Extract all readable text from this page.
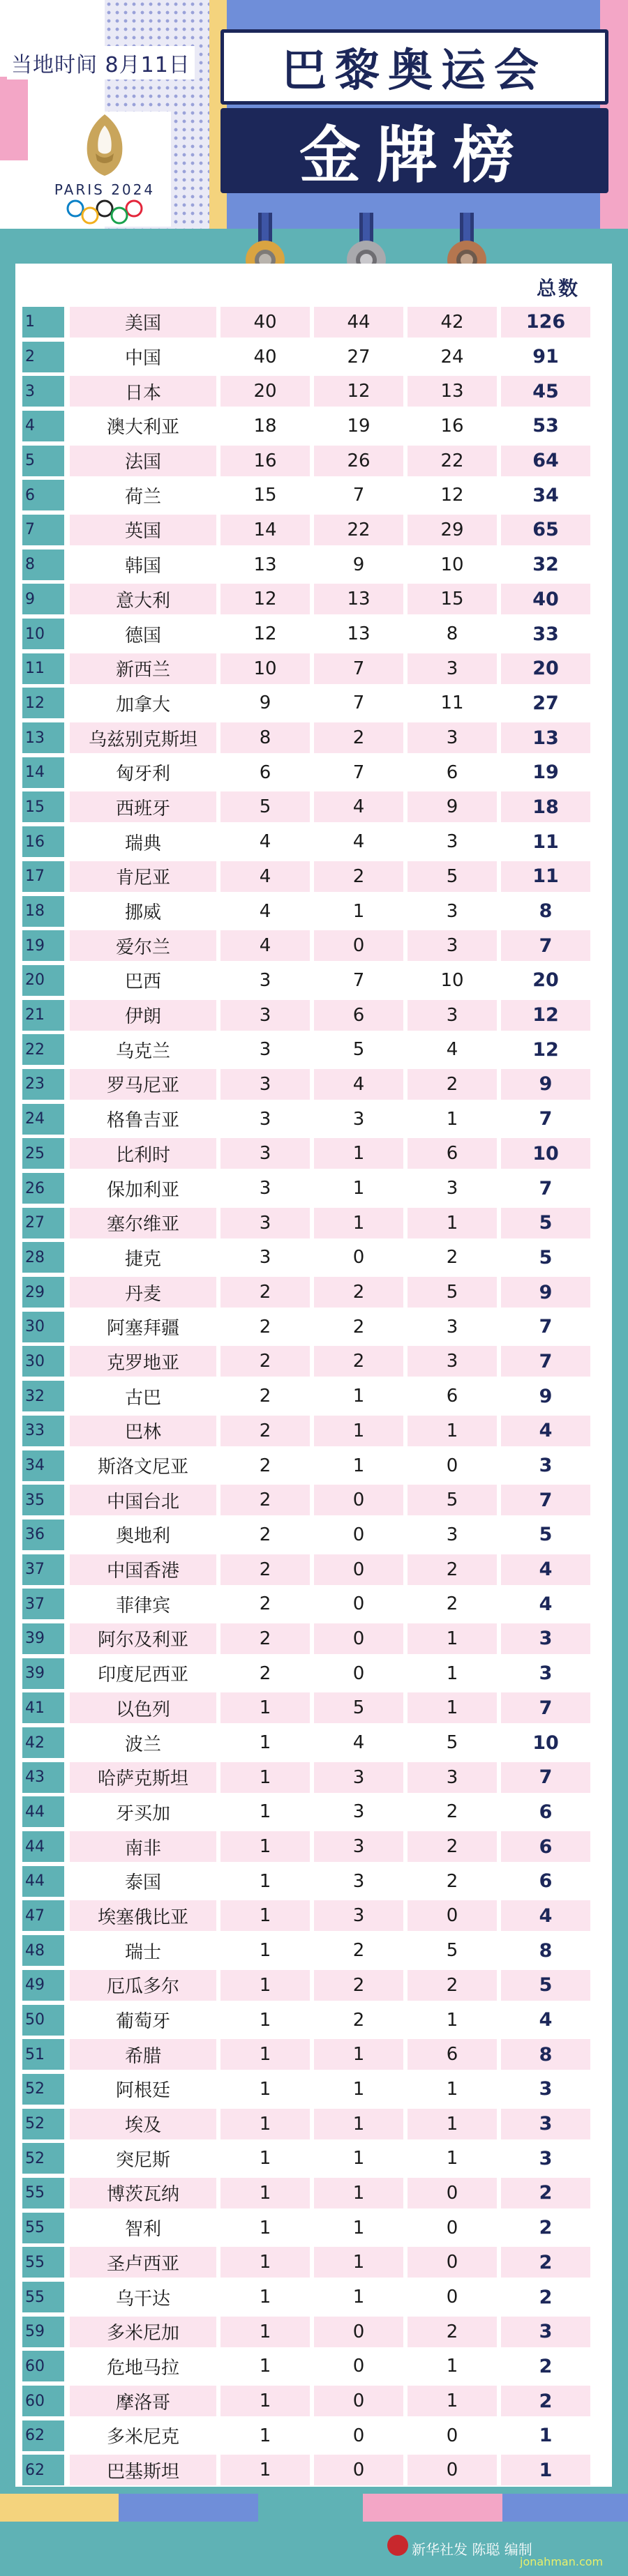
当地时间 8月11日
PARIS 2024
巴黎奥运会
金牌榜
总数
1	美国	40	44	42	126
2	中国	40	27	24	91
3	日本	20	12	13	45
4	澳大利亚	18	19	16	53
5	法国	16	26	22	64
6	荷兰	15	7	12	34
7	英国	14	22	29	65
8	韩国	13	9	10	32
9	意大利	12	13	15	40
10	德国	12	13	8	33
11	新西兰	10	7	3	20
12	加拿大	9	7	11	27
13	乌兹别克斯坦	8	2	3	13
14	匈牙利	6	7	6	19
15	西班牙	5	4	9	18
16	瑞典	4	4	3	11
17	肯尼亚	4	2	5	11
18	挪威	4	1	3	8
19	爱尔兰	4	0	3	7
20	巴西	3	7	10	20
21	伊朗	3	6	3	12
22	乌克兰	3	5	4	12
23	罗马尼亚	3	4	2	9
24	格鲁吉亚	3	3	1	7
25	比利时	3	1	6	10
26	保加利亚	3	1	3	7
27	塞尔维亚	3	1	1	5
28	捷克	3	0	2	5
29	丹麦	2	2	5	9
30	阿塞拜疆	2	2	3	7
30	克罗地亚	2	2	3	7
32	古巴	2	1	6	9
33	巴林	2	1	1	4
34	斯洛文尼亚	2	1	0	3
35	中国台北	2	0	5	7
36	奥地利	2	0	3	5
37	中国香港	2	0	2	4
37	菲律宾	2	0	2	4
39	阿尔及利亚	2	0	1	3
39	印度尼西亚	2	0	1	3
41	以色列	1	5	1	7
42	波兰	1	4	5	10
43	哈萨克斯坦	1	3	3	7
44	牙买加	1	3	2	6
44	南非	1	3	2	6
44	泰国	1	3	2	6
47	埃塞俄比亚	1	3	0	4
48	瑞士	1	2	5	8
49	厄瓜多尔	1	2	2	5
50	葡萄牙	1	2	1	4
51	希腊	1	1	6	8
52	阿根廷	1	1	1	3
52	埃及	1	1	1	3
52	突尼斯	1	1	1	3
55	博茨瓦纳	1	1	0	2
55	智利	1	1	0	2
55	圣卢西亚	1	1	0	2
55	乌干达	1	1	0	2
59	多米尼加	1	0	2	3
60	危地马拉	1	0	1	2
60	摩洛哥	1	0	1	2
62	多米尼克	1	0	0	1
62	巴基斯坦	1	0	0	1
新华社发 陈聪 编制
jonahman.com
